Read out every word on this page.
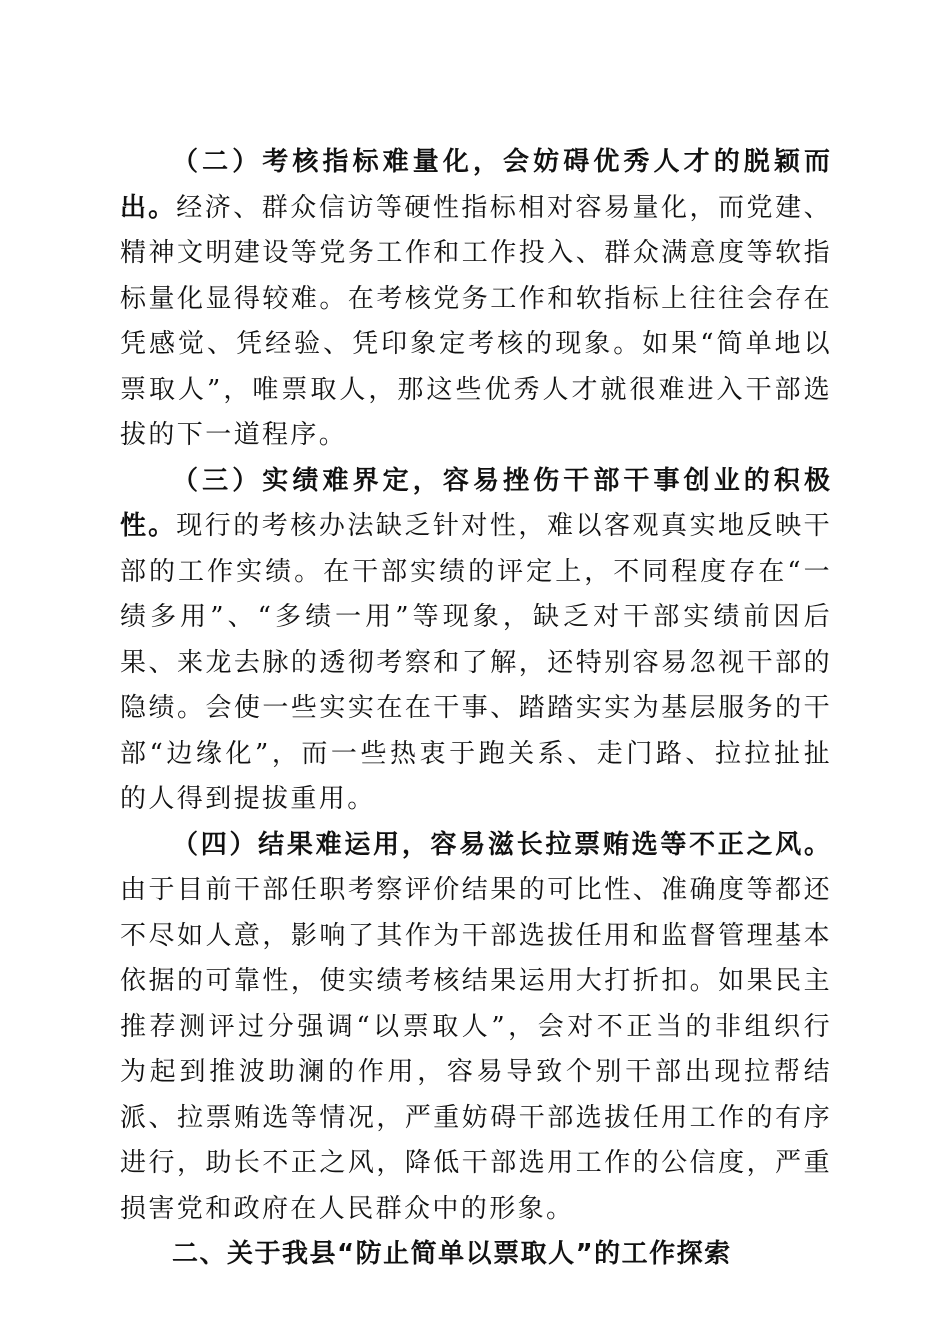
（二）考核指标难量化，会妨碍优秀人才的脱颖而出。经济、群众信访等硬性指标相对容易量化，而党建、精神文明建设等党务工作和工作投入、群众满意度等软指标量化显得较难。在考核党务工作和软指标上往往会存在凭感觉、凭经验、凭印象定考核的现象。如果“简单地以票取人”，唯票取人，那这些优秀人才就很难进入干部选拔的下一道程序。

（三）实绩难界定，容易挫伤干部干事创业的积极性。现行的考核办法缺乏针对性，难以客观真实地反映干部的工作实绩。在干部实绩的评定上，不同程度存在“一绩多用”、“多绩一用”等现象，缺乏对干部实绩前因后果、来龙去脉的透彻考察和了解，还特别容易忽视干部的隐绩。会使一些实实在在干事、踏踏实实为基层服务的干部“边缘化”，而一些热衷于跑关系、走门路、拉拉扯扯的人得到提拔重用。

（四）结果难运用，容易滋长拉票贿选等不正之风。由于目前干部任职考察评价结果的可比性、准确度等都还不尽如人意，影响了其作为干部选拔任用和监督管理基本依据的可靠性，使实绩考核结果运用大打折扣。如果民主推荐测评过分强调“以票取人”，会对不正当的非组织行为起到推波助澜的作用，容易导致个别干部出现拉帮结派、拉票贿选等情况，严重妨碍干部选拔任用工作的有序进行，助长不正之风，降低干部选用工作的公信度，严重损害党和政府在人民群众中的形象。

二、关于我县“防止简单以票取人”的工作探索
